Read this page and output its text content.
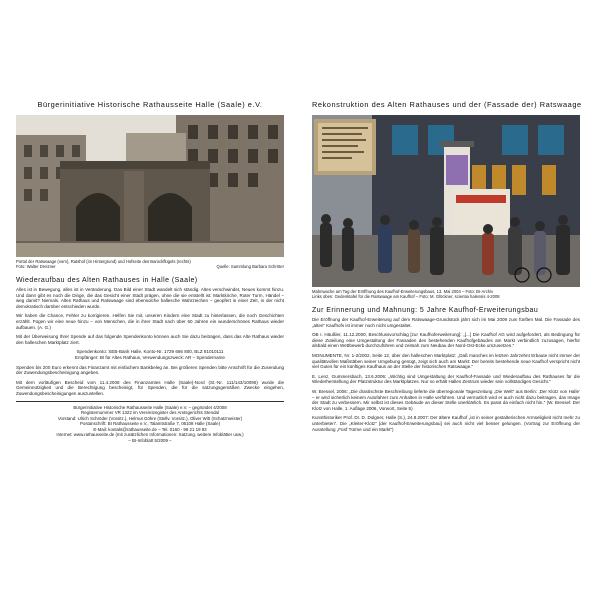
Bürgerinitiative Historische Rathausseite Halle (Saale) e.V.
Portal der Ratswaage (vorn), Ratshof (im Hintergrund) und Hofseite des Barockflügels (rechts)
Foto: Walter Dreizner	Quelle: Sammlung Barbara Schröter
Wiederaufbau des Alten Rathauses in Halle (Saale)

Alles ist in Bewegung, alles ist in Veränderung. Das Bild einer Stadt wandelt sich ständig. Altes verschwindet, Neues kommt hinzu. Und dann gibt es noch die Dinge, die das Gesicht einer Stadt prägen, ohne die sie entstellt ist: Marktkirche, Roter Turm, Händel – weg damit? Niemals. Altes Rathaus und Ratswaage sind ebensolche hallesche Wahrzeichen – geopfert in einer Zeit, in der nicht demokratisch darüber entschieden wurde.

Wir haben die Chance, Fehler zu korrigieren. Helfen Sie mit, unseren Kindern eine Stadt zu hinterlassen, die noch Geschichten erzählt. Fügen wir eine neue hinzu – von Menschen, die in ihrer Stadt nach über 60 Jahren ein wunderschönes Rathaus wieder aufbauen. (A. G.)

Mit der Überweisung Ihrer Spende auf das folgende Spendenkonto können auch Sie dazu beitragen, dass das Alte Rathaus wieder den halleschen Marktplatz ziert.

Spendenkonto: SEB-Bank Halle, Konto-Nr. 1729 666 800, BLZ 81010111

Empfänger: BI für Altes Rathaus, Verwendungszweck: AR – Spendername

Spenden bis 200 Euro erkennt das Finanzamt mit einfachem Bankbeleg an. Bei größeren Spenden bitte Anschrift für die Zusendung der Zuwendungsbescheinigung angeben.

Mit dem vorläufigen Bescheid vom 11.4.2008 des Finanzamtes Halle (Saale)-Nord (St.-Nr. 111/143/10095) wurde die Gemeinnützigkeit und die Berechtigung bescheinigt, für Spenden, die für die satzungsgemäßen Zwecke eingehen, Zuwendungsbescheinigungen auszustellen.

Bürgerinitiative Historische Rathausseite Halle (Saale) e.V. – gegründet 4/2008
Registernummer VR 1322 im Vereinsregister des Amtsgerichts Stendal
Vorstand: Ulrich Schröder (Vorsitz.), Helmut Göhre (Stellv. Vorsitz.), Oliver Witt (Schatzmeister)
Postanschrift: BI Rathausseite e.V., Talamtstraße 7, 06108 Halle (Saale)
E-Mail: kontakt@rathausseite.de – Tel. 0160 - 99 21 19 93
Internet: www.rathausseite.de (mit zusätzlichen Informationen: Satzung, weitere Infoblätter usw.)
– BI-Infoblatt 5/2009 –
Rekonstruktion des Alten Rathauses und der (Fassade der) Ratswaage
Mahnwache am Tag der Eröffnung des Kaufhof-Erweiterungsbaus, 13. Mai 2004 – Foto: BI-Archiv
Links oben: Gedenktafel für die Ratswaage am Kaufhof – Foto: M. Glöckner, scientia halensis 4-2008
Zur Erinnerung und Mahnung: 5 Jahre Kaufhof-Erweiterungsbau

Die Eröffnung der Kaufhof-Erweiterung auf dem Ratswaage-Grundstück jährt sich im Mai 2009 zum fünften Mal. Die Fassade des „alten“ Kaufhofs ist immer noch nicht umgestaltet.

OB I. Häußler, 11.12.2000, Beschlussvorschlag [zur Kaufhoferweiterung]: „[...] Die Kaufhof AG wird aufgefordert, als Bedingung für diese Zuteilung eine Umgestaltung der Fassaden des bestehenden Kaufhofgebäudes am Markt verbindlich zuzusagen, hierfür alsbald einen Wettbewerb durchzuführen und zeitnah zum Neubau der Nord-Ost-Ecke umzusetzen.“

MONUMENTE, Nr. 1-2/2002, Seite 12, über den halleschen Marktplatz: „Daß manches im letzten Jahrzehnt Erbaute nicht immer der qualitätvollen Maßstäben seiner Umgebung genügt, zeigt sich auch am Markt: Der bereits bestehende neue Kaufhof verspricht nicht viel Gutes für ein künftiges Kaufhaus an der Stelle der historischen Ratswaage.“

E. Lenz, Gummersbach, 13.6.2006: „Wichtig sind Umgestaltung der Kaufhof-Fassade und Wiederaufbau des Rathauses für die Wiederherstellung der Platzstruktur des Marktplatzes. Nur so erhält Halles Zentrum wieder sein vollständiges Gesicht.“

W. Bressel, 2006: „Die drastischste Beschreibung lieferte die überregionale Tageszeitung „Die Welt“ aus Berlin: ‚Der Klotz von Halle‘ – er wird sicherlich keinem Autofahrer zum Anhalten in Halle verführen. Und vermutlich wird er auch nicht dazu beitragen, das Image der Stadt zu verbessern. Mir selbst ist dieses Gebäude an dieser Stelle unerklärlich. Es passt da einfach nicht hin.“ (W. Bressel: Der Klotz von Halle, 1. Auflage 2006, Vorwort, Seite 5)

Kunsthistoriker Prof. Dr. D. Dolgner, Halle (S.), 24.8.2007: Der ältere Kaufhof „ist in seiner gestalterischen Armseligkeit nicht mehr zu unterbieten“. Die „Kleiter-Klotz“ [der Kaufhof-Erweiterungsbau] sei auch nicht viel besser gelungen. (Vortrag zur Eröffnung der Ausstellung „Fünf Türme und ein Markt“)
